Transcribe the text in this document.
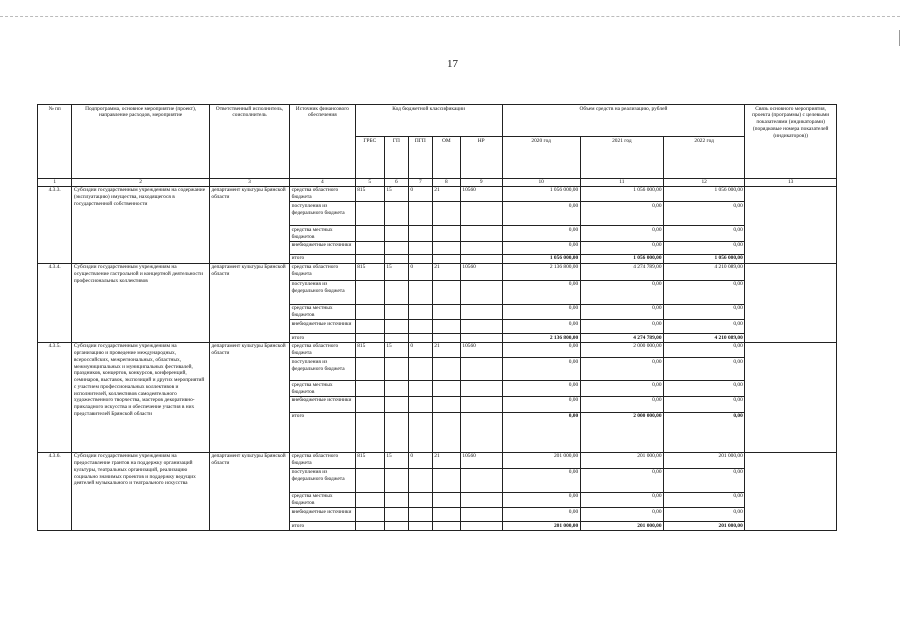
17
№ пп	Подпрограмма, основное мероприятие (проект), направление расходов, мероприятие	Ответственный исполнитель, соисполнитель	Источник финансового обеспечения	Код бюджетной классификации					Объем средств на реализацию, рублей			Связь основного мероприятия, проекта (программы) с целевыми показателями (индикаторами) (порядковые номера показателей (индикаторов))
				ГРБС	ГП	ПГП	ОМ	НР	2020 год	2021 год	2022 год	
1	2	3	4	5	6	7	8	9	10	11	12	13
4.3.3.	Субсидии государственным учреждениям на содержание (эксплуатацию) имущества, находящегося в государственной собственности	департамент культуры Брянской области	средства областного бюджета	815	15	0	21	10560	1 056 000,00	1 056 000,00	1 056 000,00	
			поступления из федерального бюджета						0,00	0,00	0,00	
			средства местных бюджетов						0,00	0,00	0,00	
			внебюджетные источники						0,00	0,00	0,00	
			итого						1 056 000,00	1 056 000,00	1 056 000,00	
4.3.4.	Субсидии государственным учреждениям на осуществление гастрольной и концертной деятельности профессиональных коллективов	департамент культуры Брянской области	средства областного бюджета	815	15	0	21	10560	2 136 800,00	4 274 789,00	4 210 089,00	
			поступления из федерального бюджета						0,00	0,00	0,00	
			средства местных бюджетов						0,00	0,00	0,00	
			внебюджетные источники						0,00	0,00	0,00	
			итого						2 136 800,00	4 274 789,00	4 210 089,00	
4.3.5.	Субсидии государственным учреждениям на организацию и проведение международных, всероссийских, межрегиональных, областных, межмуниципальных и муниципальных фестивалей, праздников, концертов, конкурсов, конференций, семинаров, выставок, экспозиций и других мероприятий с участием профессиональных коллективов и исполнителей, коллективов самодеятельного художественного творчества, мастеров декоративно-прикладного искусства и обеспечение участия в них представителей Брянской области	департамент культуры Брянской области	средства областного бюджета	815	15	0	21	10560	0,00	2 000 000,00	0,00	
			поступления из федерального бюджета						0,00	0,00	0,00	
			средства местных бюджетов						0,00	0,00	0,00	
			внебюджетные источники						0,00	0,00	0,00	
			итого						0,00	2 000 000,00	0,00	
4.3.6.	Субсидии государственным учреждениям на предоставление грантов на поддержку организаций культуры, театральных организаций, реализацию социально значимых проектов и поддержку ведущих деятелей музыкального и театрального искусства	департамент культуры Брянской области	средства областного бюджета	815	15	0	21	10560	201 000,00	201 000,00	201 000,00	
			поступления из федерального бюджета						0,00	0,00	0,00	
			средства местных бюджетов						0,00	0,00	0,00	
			внебюджетные источники						0,00	0,00	0,00	
			итого						201 000,00	201 000,00	201 000,00	
